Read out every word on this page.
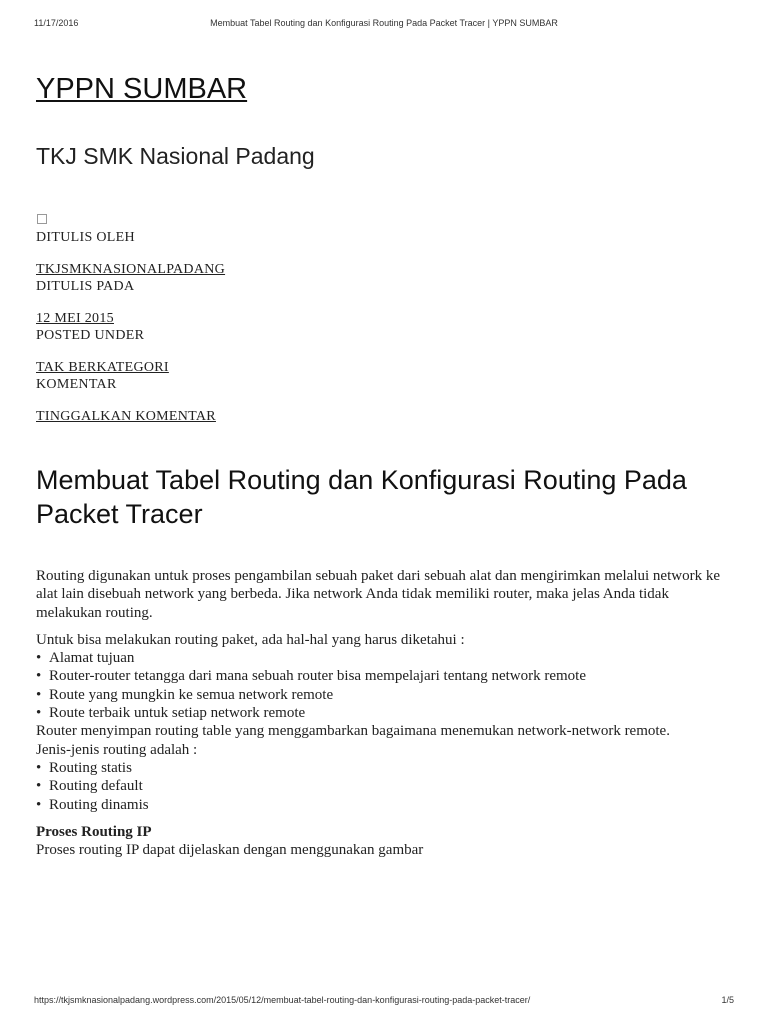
11/17/2016	Membuat Tabel Routing dan Konfigurasi Routing Pada Packet Tracer | YPPN SUMBAR
YPPN SUMBAR

TKJ SMK Nasional Padang

DITULIS OLEH
TKJSMKNASIONALPADANG
DITULIS PADA
12 MEI 2015
POSTED UNDER
TAK BERKATEGORI
KOMENTAR
TINGGALKAN KOMENTAR
Membuat Tabel Routing dan Konfigurasi Routing Pada Packet Tracer

Routing digunakan untuk proses pengambilan sebuah paket dari sebuah alat dan mengirimkan melalui network ke alat lain disebuah network yang berbeda. Jika network Anda tidak memiliki router, maka jelas Anda tidak melakukan routing.

Untuk bisa melakukan routing paket, ada hal-hal yang harus diketahui :

• Alamat tujuan
• Router-router tetangga dari mana sebuah router bisa mempelajari tentang network remote
• Route yang mungkin ke semua network remote
• Route terbaik untuk setiap network remote

Router menyimpan routing table yang menggambarkan bagaimana menemukan network-network remote.

Jenis-jenis routing adalah :

• Routing statis
• Routing default
• Routing dinamis

Proses Routing IP

Proses routing IP dapat dijelaskan dengan menggunakan gambar

https://tkjsmknasionalpadang.wordpress.com/2015/05/12/membuat-tabel-routing-dan-konfigurasi-routing-pada-packet-tracer/	1/5
